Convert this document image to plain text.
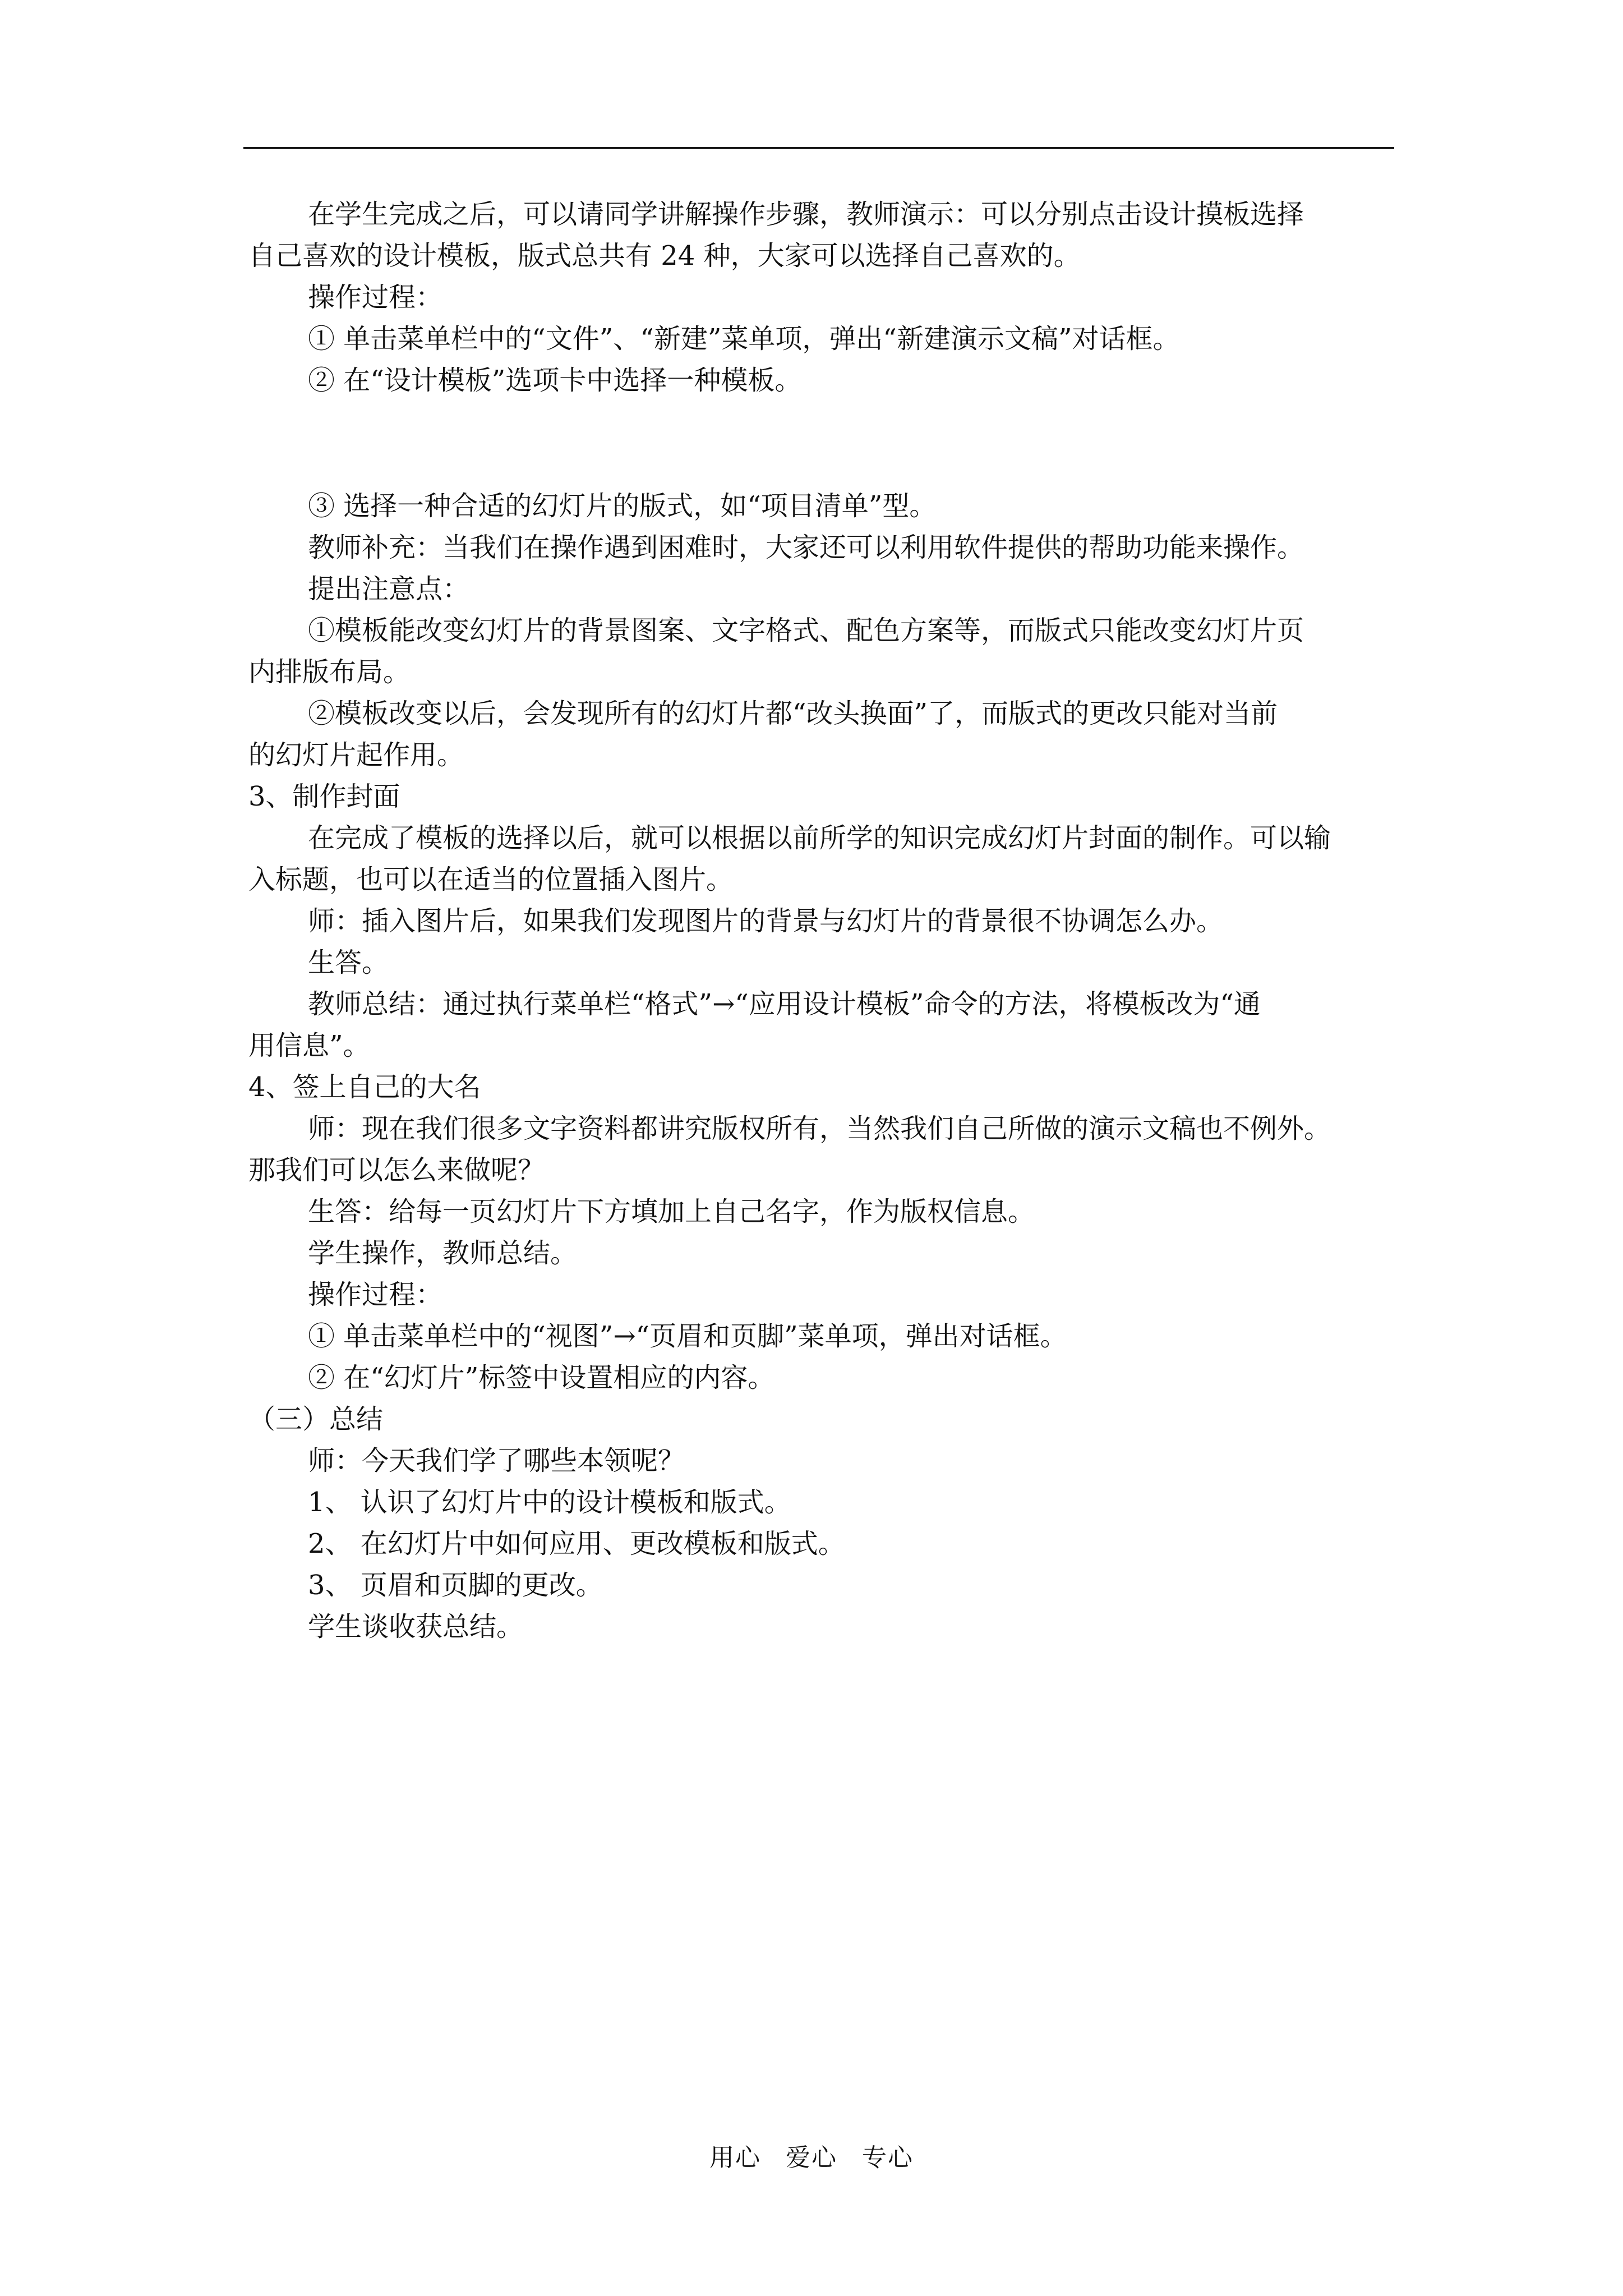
在学生完成之后，可以请同学讲解操作步骤，教师演示：可以分别点击设计摸板选择

自己喜欢的设计模板，版式总共有 24 种，大家可以选择自己喜欢的。

操作过程：

① 单击菜单栏中的“文件”、“新建”菜单项，弹出“新建演示文稿”对话框。

② 在“设计模板”选项卡中选择一种模板。

③ 选择一种合适的幻灯片的版式，如“项目清单”型。

教师补充：当我们在操作遇到困难时，大家还可以利用软件提供的帮助功能来操作。

提出注意点：

①模板能改变幻灯片的背景图案、文字格式、配色方案等，而版式只能改变幻灯片页

内排版布局。

②模板改变以后，会发现所有的幻灯片都“改头换面”了，而版式的更改只能对当前

的幻灯片起作用。

3、制作封面

在完成了模板的选择以后，就可以根据以前所学的知识完成幻灯片封面的制作。可以输

入标题，也可以在适当的位置插入图片。

师：插入图片后，如果我们发现图片的背景与幻灯片的背景很不协调怎么办。

生答。

教师总结：通过执行菜单栏“格式”→“应用设计模板”命令的方法，将模板改为“通

用信息”。

4、签上自己的大名

师：现在我们很多文字资料都讲究版权所有，当然我们自己所做的演示文稿也不例外。

那我们可以怎么来做呢？

生答：给每一页幻灯片下方填加上自己名字，作为版权信息。

学生操作，教师总结。

操作过程：

① 单击菜单栏中的“视图”→“页眉和页脚”菜单项，弹出对话框。

② 在“幻灯片”标签中设置相应的内容。

（三）总结

师：今天我们学了哪些本领呢？

1、 认识了幻灯片中的设计模板和版式。

2、 在幻灯片中如何应用、更改模板和版式。

3、 页眉和页脚的更改。

学生谈收获总结。

用心 爱心 专心
